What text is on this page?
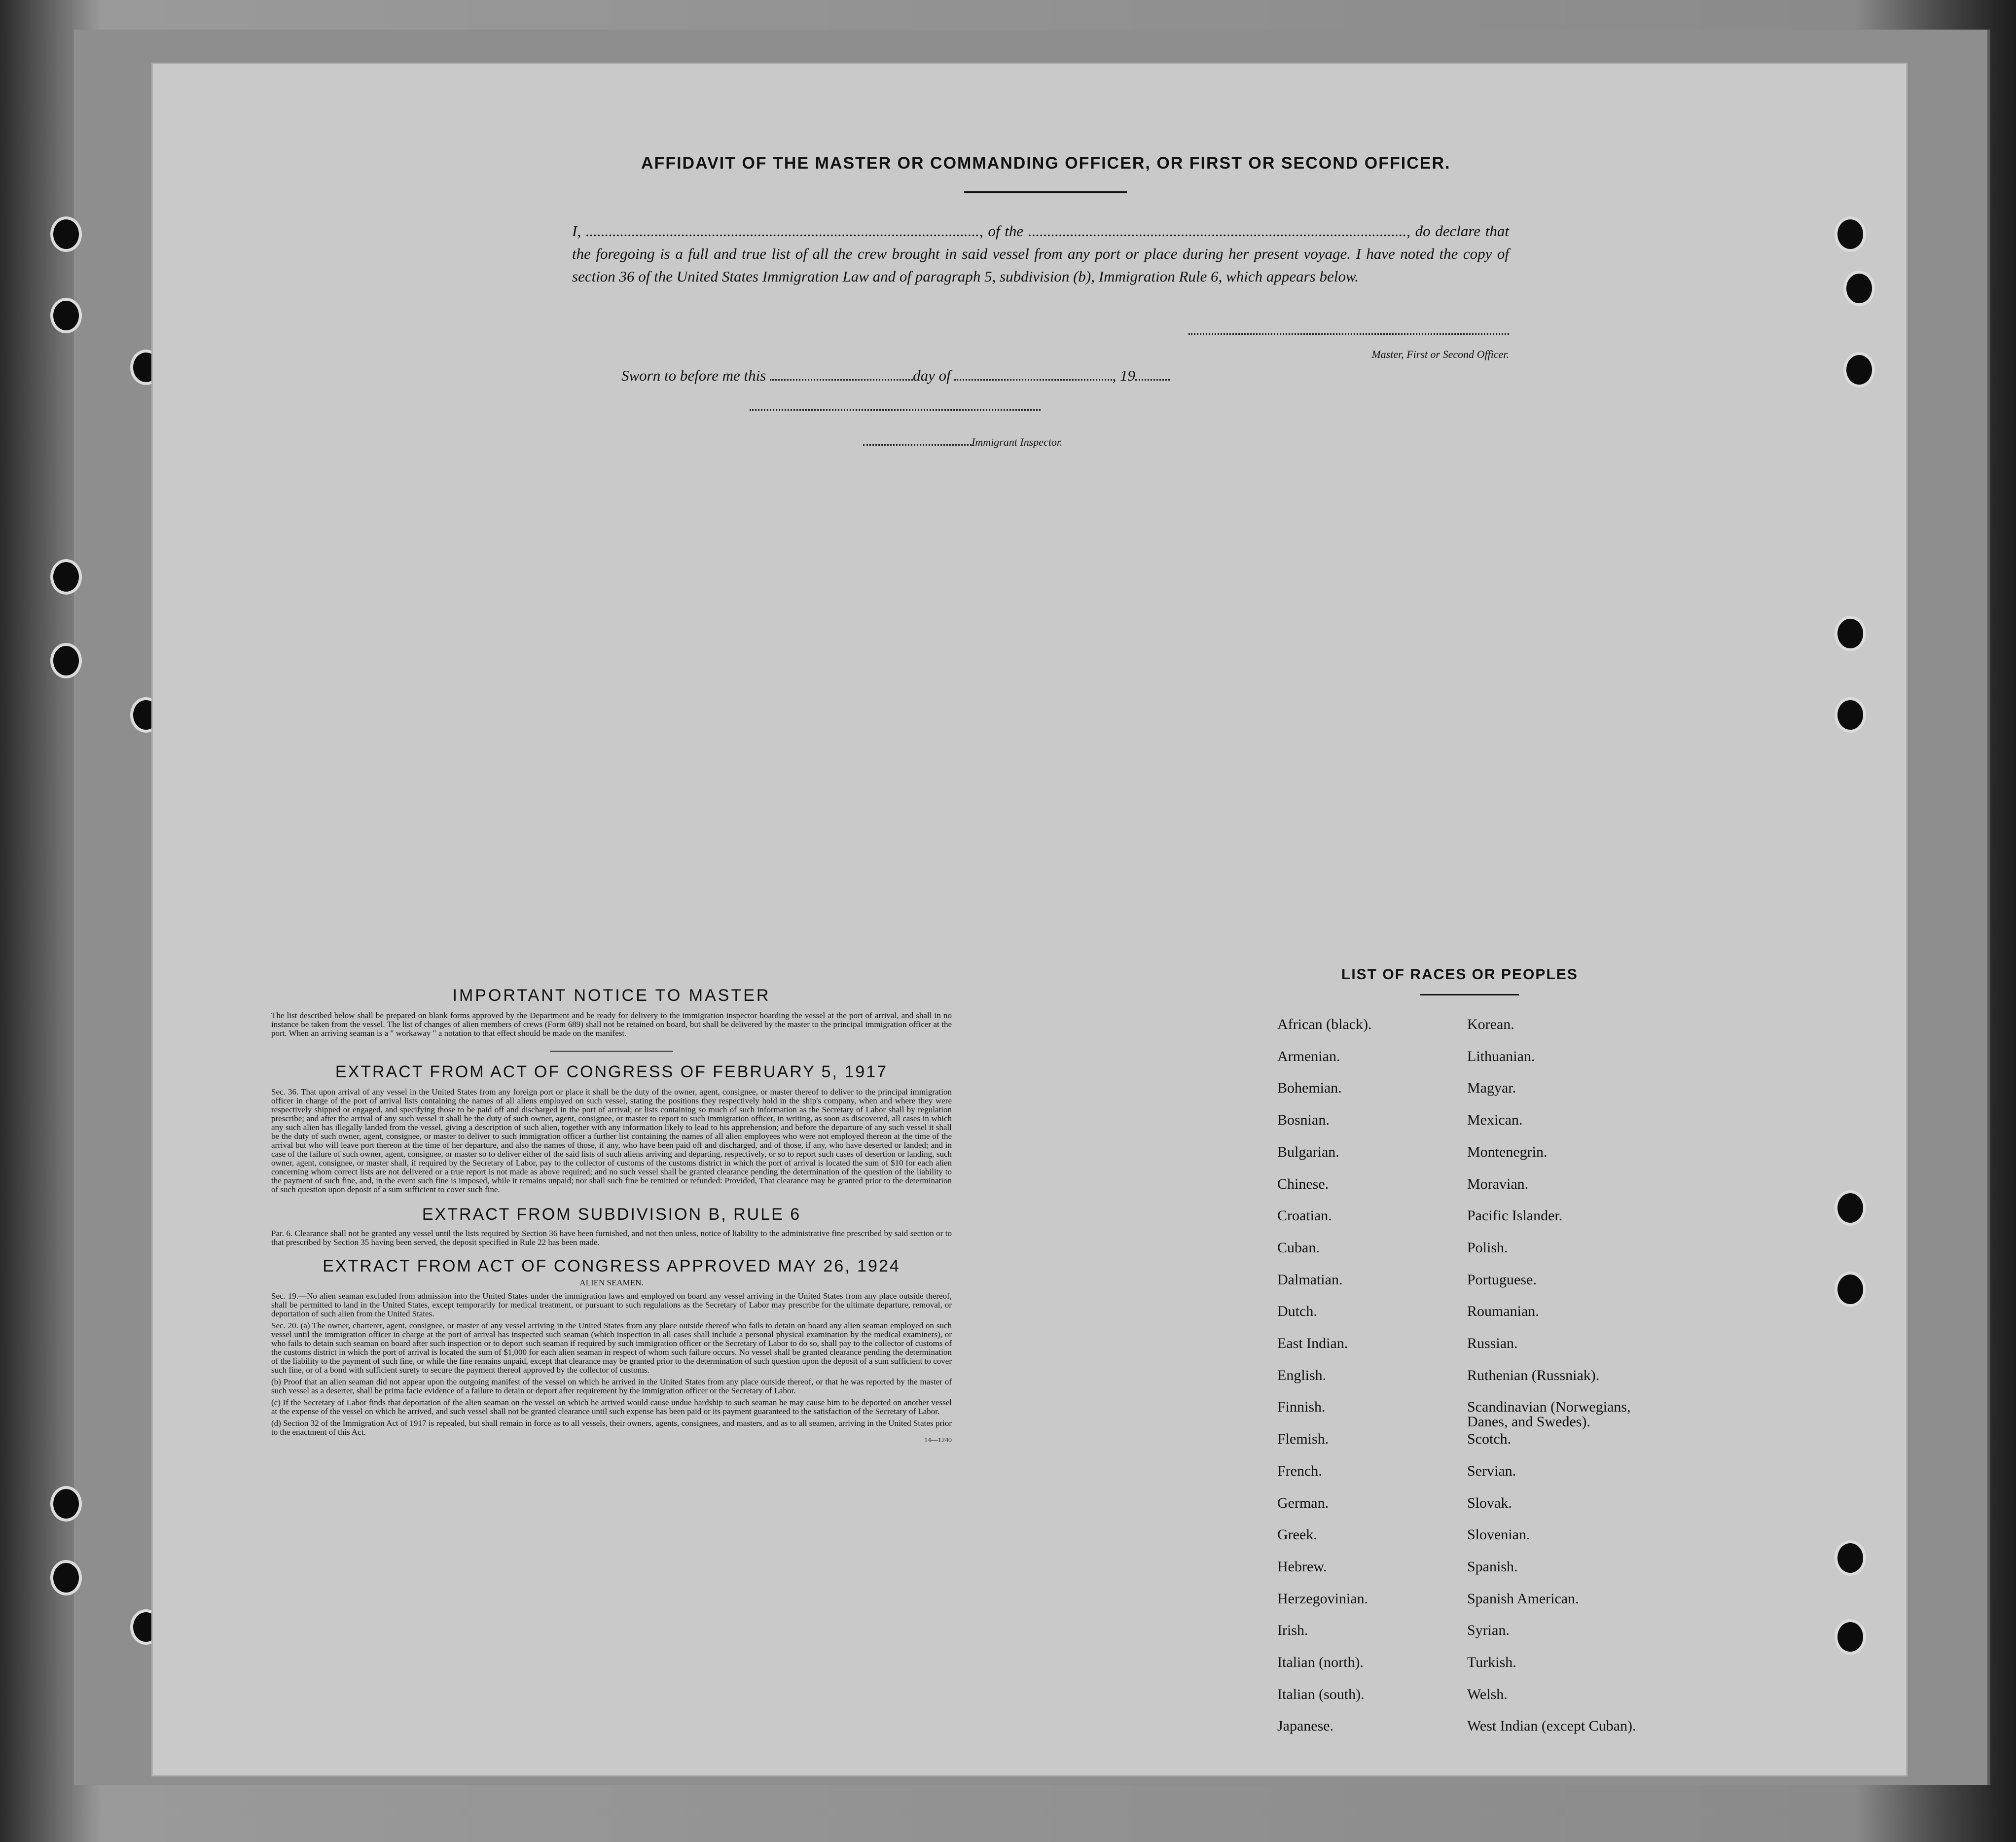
AFFIDAVIT OF THE MASTER OR COMMANDING OFFICER, OR FIRST OR SECOND OFFICER.
I, ......................................................................................................., of the ..................................................................................................., do declare that the foregoing is a full and true list of all the crew brought in said vessel from any port or place during her present voyage. I have noted the copy of section 36 of the United States Immigration Law and of paragraph 5, subdivision (b), Immigration Rule 6, which appears below.
Master, First or Second Officer.
Sworn to before me this	day of	, 19
Immigrant Inspector.
IMPORTANT NOTICE TO MASTER
The list described below shall be prepared on blank forms approved by the Department and be ready for delivery to the immigration inspector boarding the vessel at the port of arrival, and shall in no instance be taken from the vessel. The list of changes of alien members of crews (Form 689) shall not be retained on board, but shall be delivered by the master to the principal immigration officer at the port. When an arriving seaman is a " workaway " a notation to that effect should be made on the manifest.
EXTRACT FROM ACT OF CONGRESS OF FEBRUARY 5, 1917
Sec. 36. That upon arrival of any vessel in the United States from any foreign port or place it shall be the duty of the owner, agent, consignee, or master thereof to deliver to the principal immigration officer in charge of the port of arrival lists containing the names of all aliens employed on such vessel, stating the positions they respectively hold in the ship's company, when and where they were respectively shipped or engaged, and specifying those to be paid off and discharged in the port of arrival; or lists containing so much of such information as the Secretary of Labor shall by regulation prescribe; and after the arrival of any such vessel it shall be the duty of such owner, agent, consignee, or master to report to such immigration officer, in writing, as soon as discovered, all cases in which any such alien has illegally landed from the vessel, giving a description of such alien, together with any information likely to lead to his apprehension; and before the departure of any such vessel it shall be the duty of such owner, agent, consignee, or master to deliver to such immigration officer a further list containing the names of all alien employees who were not employed thereon at the time of the arrival but who will leave port thereon at the time of her departure, and also the names of those, if any, who have been paid off and discharged, and of those, if any, who have deserted or landed; and in case of the failure of such owner, agent, consignee, or master so to deliver either of the said lists of such aliens arriving and departing, respectively, or so to report such cases of desertion or landing, such owner, agent, consignee, or master shall, if required by the Secretary of Labor, pay to the collector of customs of the customs district in which the port of arrival is located the sum of $10 for each alien concerning whom correct lists are not delivered or a true report is not made as above required; and no such vessel shall be granted clearance pending the determination of the question of the liability to the payment of such fine, and, in the event such fine is imposed, while it remains unpaid; nor shall such fine be remitted or refunded: Provided, That clearance may be granted prior to the determination of such question upon deposit of a sum sufficient to cover such fine.
EXTRACT FROM SUBDIVISION B, RULE 6
Par. 6. Clearance shall not be granted any vessel until the lists required by Section 36 have been furnished, and not then unless, notice of liability to the administrative fine prescribed by said section or to that prescribed by Section 35 having been served, the deposit specified in Rule 22 has been made.
EXTRACT FROM ACT OF CONGRESS APPROVED MAY 26, 1924
ALIEN SEAMEN.
Sec. 19.—No alien seaman excluded from admission into the United States under the immigration laws and employed on board any vessel arriving in the United States from any place outside thereof, shall be permitted to land in the United States, except temporarily for medical treatment, or pursuant to such regulations as the Secretary of Labor may prescribe for the ultimate departure, removal, or deportation of such alien from the United States.
Sec. 20. (a) The owner, charterer, agent, consignee, or master of any vessel arriving in the United States from any place outside thereof who fails to detain on board any alien seaman employed on such vessel until the immigration officer in charge at the port of arrival has inspected such seaman (which inspection in all cases shall include a personal physical examination by the medical examiners), or who fails to detain such seaman on board after such inspection or to deport such seaman if required by such immigration officer or the Secretary of Labor to do so, shall pay to the collector of customs of the customs district in which the port of arrival is located the sum of $1,000 for each alien seaman in respect of whom such failure occurs. No vessel shall be granted clearance pending the determination of the liability to the payment of such fine, or while the fine remains unpaid, except that clearance may be granted prior to the determination of such question upon the deposit of a sum sufficient to cover such fine, or of a bond with sufficient surety to secure the payment thereof approved by the collector of customs.
(b) Proof that an alien seaman did not appear upon the outgoing manifest of the vessel on which he arrived in the United States from any place outside thereof, or that he was reported by the master of such vessel as a deserter, shall be prima facie evidence of a failure to detain or deport after requirement by the immigration officer or the Secretary of Labor.
(c) If the Secretary of Labor finds that deportation of the alien seaman on the vessel on which he arrived would cause undue hardship to such seaman he may cause him to be deported on another vessel at the expense of the vessel on which he arrived, and such vessel shall not be granted clearance until such expense has been paid or its payment guaranteed to the satisfaction of the Secretary of Labor.
(d) Section 32 of the Immigration Act of 1917 is repealed, but shall remain in force as to all vessels, their owners, agents, consignees, and masters, and as to all seamen, arriving in the United States prior to the enactment of this Act.
14—1240
LIST OF RACES OR PEOPLES
African (black).
Armenian.
Bohemian.
Bosnian.
Bulgarian.
Chinese.
Croatian.
Cuban.
Dalmatian.
Dutch.
East Indian.
English.
Finnish.
Flemish.
French.
German.
Greek.
Hebrew.
Herzegovinian.
Irish.
Italian (north).
Italian (south).
Japanese.
Korean.
Lithuanian.
Magyar.
Mexican.
Montenegrin.
Moravian.
Pacific Islander.
Polish.
Portuguese.
Roumanian.
Russian.
Ruthenian (Russniak).
Scandinavian (Norwegians, Danes, and Swedes).
Scotch.
Servian.
Slovak.
Slovenian.
Spanish.
Spanish American.
Syrian.
Turkish.
Welsh.
West Indian (except Cuban).
